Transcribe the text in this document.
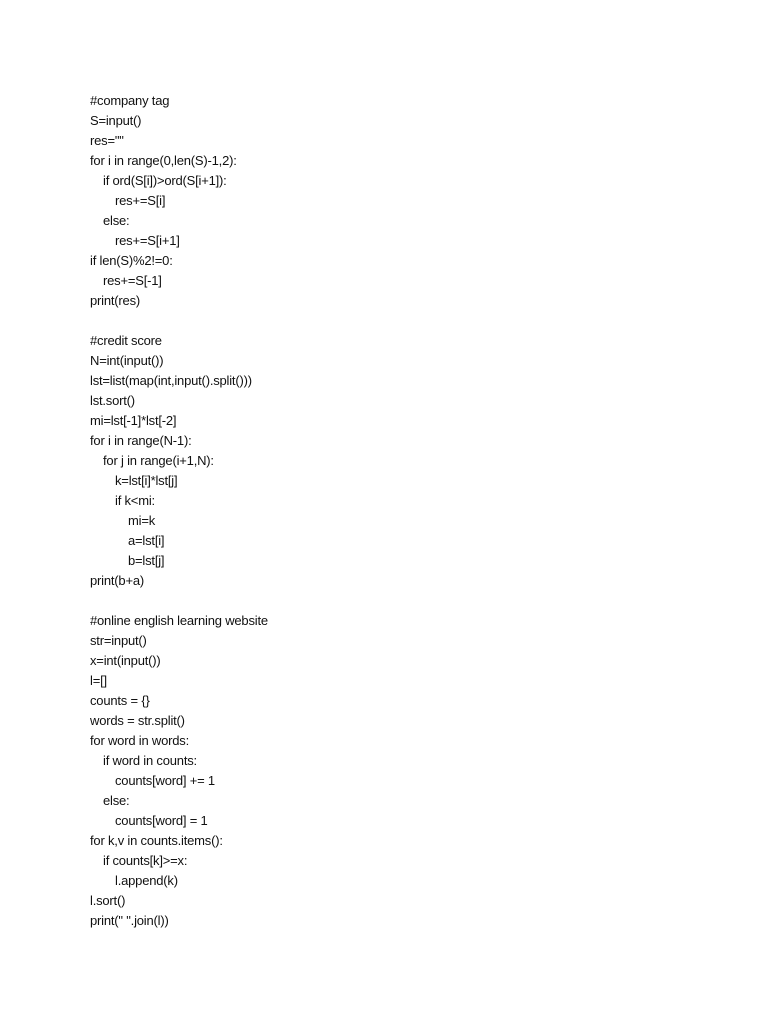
#company tag
S=input()
res=""
for i in range(0,len(S)-1,2):
if ord(S[i])>ord(S[i+1]):
res+=S[i]
else:
res+=S[i+1]
if len(S)%2!=0:
res+=S[-1]
print(res)
#credit score
N=int(input())
lst=list(map(int,input().split()))
lst.sort()
mi=lst[-1]*lst[-2]
for i in range(N-1):
for j in range(i+1,N):
k=lst[i]*lst[j]
if k<mi:
mi=k
a=lst[i]
b=lst[j]
print(b+a)
#online english learning website
str=input()
x=int(input())
l=[]
counts = {}
words = str.split()
for word in words:
if word in counts:
counts[word] += 1
else:
counts[word] = 1
for k,v in counts.items():
if counts[k]>=x:
l.append(k)
l.sort()
print(" ".join(l))
